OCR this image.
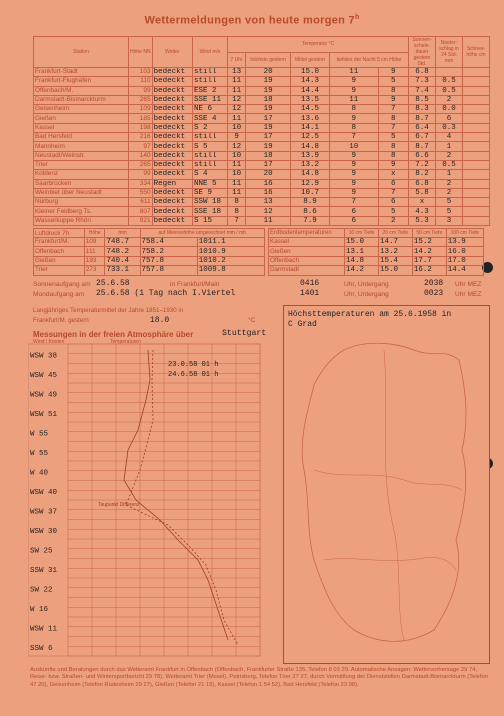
Wettermeldungen von heute morgen 7$^h$
Station	Höhe NN	Wetter	Wind m/s	Temperatur °C					Sonnen-schein-dauer gestern Std.	Nieder-schlag in 24 Std. mm	Schnee-höhe cm
				7 Uhr	höchste gestern	Mittel gestern	tiefstes der Nacht 5 cm Höhe				
Frankfurt-Stadt	103	bedeckt	still	13	20	15.0	11	9	6.8		
Frankfurt-Flughafen	110	bedeckt	still	11	19	14.3	9	5	7.3	0.5	
Offenbach/M.	99	bedeckt	ESE 2	11	19	14.4	9	8	7.4	0.5	
Darmstadt-Bismarckturm	265	bedeckt	SSE 11	12	18	13.5	11	9	8.5	2	
Geisenheim	109	bedeckt	NE 6	12	19	14.5	8	7	8.3	0.0	
Gießen	185	bedeckt	SSE 4	11	17	13.6	9	8	8.7	6	
Kassel	198	bedeckt	S 2	10	19	14.1	8	7	6.4	0.3	
Bad Hersfeld	216	bedeckt	still	9	17	12.5	7	5	6.7	4	
Mannheim	97	bedeckt	S 5	12	19	14.8	10	8	8.7	1	
Neustadt/Weinstr.	140	bedeckt	still	10	18	13.9	9	8	6.6	2	
Trier	265	bedeckt	still	11	17	13.2	9	9	7.2	0.5	
Koblenz	99	bedeckt	S 4	10	20	14.8	9	x	8.2	1	
Saarbrücken	334	Regen	NNE 5	11	16	12.9	9	6	6.8	2	
Weinbiet über Neustadt	550	bedeckt	SE 9	11	16	10.7	9	7	5.8	2	
Nürburg	611	bedeckt	SSW 18	8	13	8.9	7	6	x	5	
Kleiner Feldberg Ts.	807	bedeckt	SSE 18	8	12	8.6	6	5	4.3	5	
Wasserkuppe Rhön	921	bedeckt	S 15	7	11	7.9	6	2	5.3	3	
Luftdruck 7h	Höhe	mm	auf Meereshöhe umgerechnet mm / mb	
Frankfurt/M.	109	748.7	758.4	1011.1
Offenbach	111	748.2	758.2	1010.9
Gießen	193	740.4	757.8	1010.2
Trier	273	733.1	757.8	1009.8
Erdbodentemperaturen	10 cm Tiefe	20 cm Tiefe	50 cm Tiefe	100 cm Tiefe
Kassel	15.0	14.7	15.2	13.9
Gießen	13.1	13.2	14.2	16.0
Offenbach	14.8	15.4	17.7	17.0
Darmstadt	14.2	15.0	16.2	14.4
Sonnenaufgang am 25.6.58	in Frankfurt/Main	0416	Uhr, Untergang	2038 Uhr MEZ
Mondaufgang am 25.6.58 (1 Tag nach I.Viertel	1401	Uhr, Untergang	0023 Uhr MEZ
Langjähriges Temperaturmittel der Jahre 1851–1930 in
Frankfurt/M. gestern	18.0	°C
Messungen in der freien Atmosphäre über	Stuttgart
Wind / Knoten	Temperaturen
WSW 38
WSW 45
WSW 49
WSW 51
W 55
W 55
W 40
WSW 40
WSW 37
WSW 30
SW 25
SSW 31
SW 22
W 16
WSW 11
SSW 6
23.0.58 01 h
24.6.58 01 h
Taupunkt Differenz
Höchsttemperaturen am 25.6.1958 in
C Grad
Auskünfte und Beratungen durch das Wetteramt Frankfurt in Offenbach (Offenbach, Frankfurter Straße 135, Telefon 8 03 29. Automatische Ansagen: Wettervorhersage 29 74, Reise- bzw. Straßen- und Wintersportbericht 29 78), Wetteramt Trier (Mosel), Petrisberg, Telefon Trier 27 27, durch Vermittlung der Dienststellen Darmstadt-Bismarckturm (Telefon 47 20), Geisenheim (Telefon Rüdesheim 29 27), Gießen (Telefon 21 19), Kassel (Telefon 1 54 52), Bad Hersfeld (Telefon 23 98).
